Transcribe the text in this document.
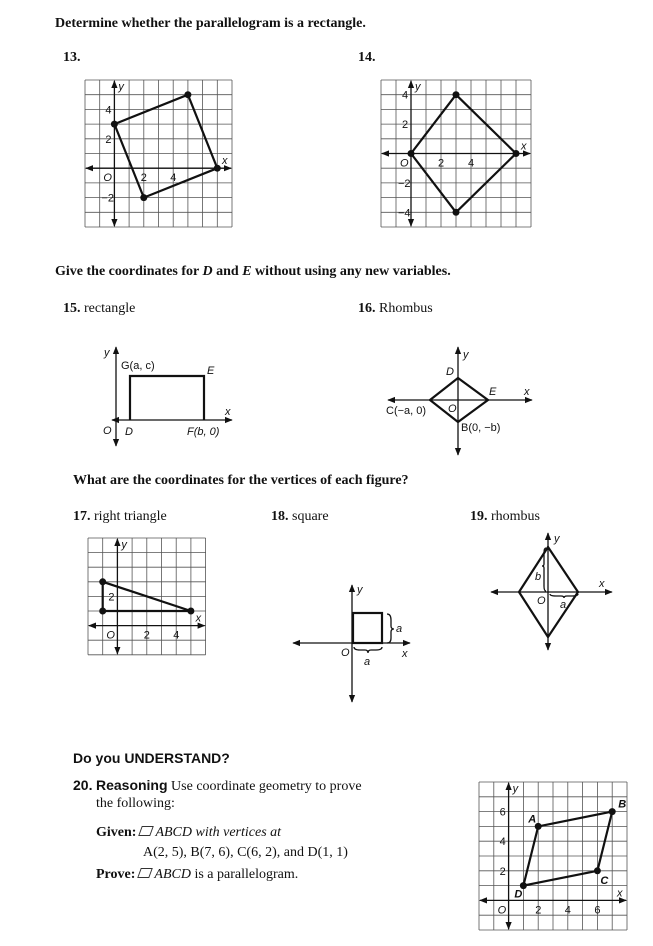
Determine whether the parallelogram is a rectangle.
13.	14.
Give the coordinates for D and E without using any new variables.
15. rectangle	16. Rhombus
What are the coordinates for the vertices of each figure?
17. right triangle	18. square	19. rhombus
Do you UNDERSTAND?
20. Reasoning Use coordinate geometry to prove
the following:
Given: ABCD with vertices at
A(2, 5), B(7, 6), C(6, 2), and D(1, 1)
Prove: ABCD is a parallelogram.
y
x
O
4
2
−2
2 4
y
x
O
4
2
−2
−4
2 4
y
x
O
2
2 4
y
x
O
6
4
2
2 4 6
A
B
C
D
y
x
O
G(a, c)	E
D	F(b, 0)
y
x
O
C(−a, 0)
D
E
B(0, −b)
y
x
O
a
a
y
x
O
b
a
